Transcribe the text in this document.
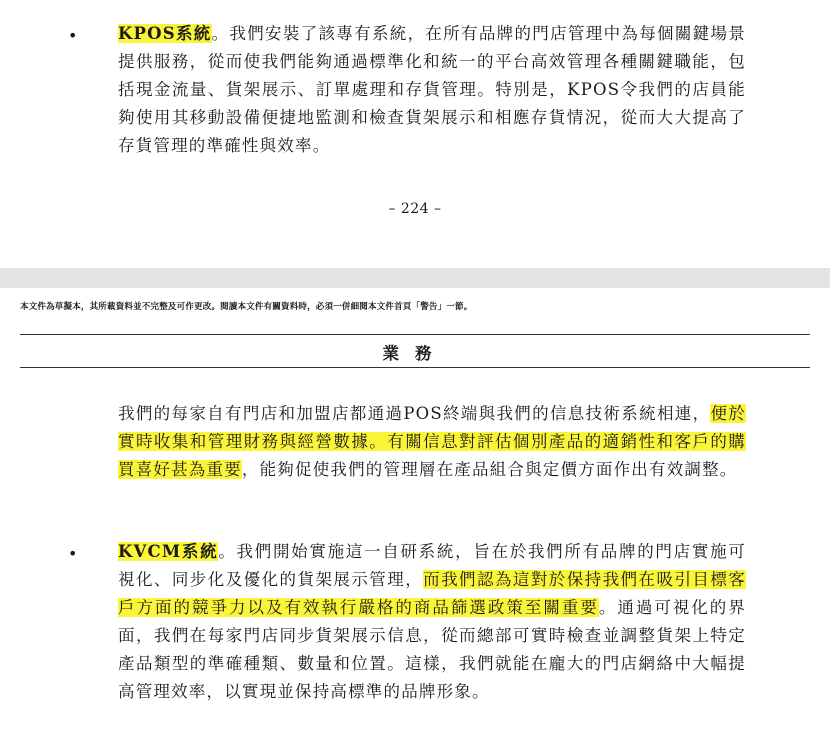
• KPOS系統。我們安裝了該專有系統，在所有品牌的門店管理中為每個關鍵場景提供服務，從而使我們能夠通過標準化和統一的平台高效管理各種關鍵職能，包括現金流量、貨架展示、訂單處理和存貨管理。特別是，KPOS令我們的店員能夠使用其移動設備便捷地監測和檢查貨架展示和相應存貨情況，從而大大提高了存貨管理的準確性與效率。
– 224 –
本文件為草擬本，其所載資料並不完整及可作更改。閱讀本文件有關資料時，必須一併細閱本文件首頁「警告」一節。
業務
我們的每家自有門店和加盟店都通過POS終端與我們的信息技術系統相連，便於實時收集和管理財務與經營數據。有關信息對評估個別產品的適銷性和客戶的購買喜好甚為重要，能夠促使我們的管理層在產品組合與定價方面作出有效調整。
• KVCM系統。我們開始實施這一自研系統，旨在於我們所有品牌的門店實施可視化、同步化及優化的貨架展示管理，而我們認為這對於保持我們在吸引目標客戶方面的競爭力以及有效執行嚴格的商品篩選政策至關重要。通過可視化的界面，我們在每家門店同步貨架展示信息，從而總部可實時檢查並調整貨架上特定產品類型的準確種類、數量和位置。這樣，我們就能在龐大的門店網絡中大幅提高管理效率，以實現並保持高標準的品牌形象。
